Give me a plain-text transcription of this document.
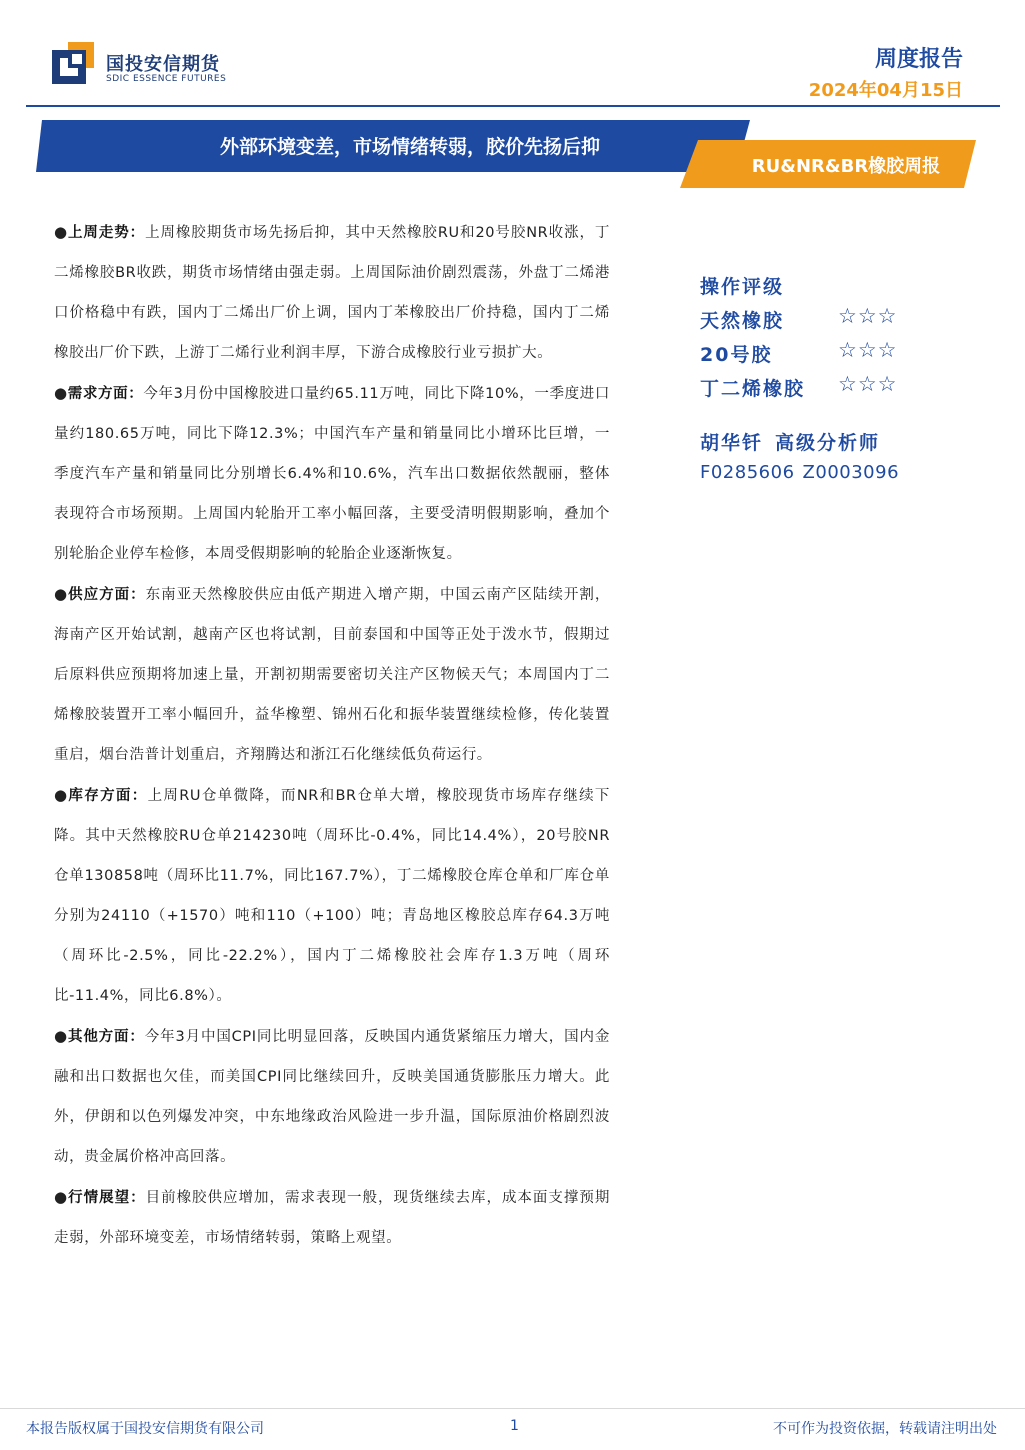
国投安信期货
SDIC ESSENCE FUTURES
周度报告
2024年04月15日
外部环境变差，市场情绪转弱，胶价先扬后抑
RU&NR&BR橡胶周报

●上周走势：上周橡胶期货市场先扬后抑，其中天然橡胶RU和20号胶NR收涨，丁二烯橡胶BR收跌，期货市场情绪由强走弱。上周国际油价剧烈震荡，外盘丁二烯港口价格稳中有跌，国内丁二烯出厂价上调，国内丁苯橡胶出厂价持稳，国内丁二烯橡胶出厂价下跌，上游丁二烯行业利润丰厚，下游合成橡胶行业亏损扩大。

●需求方面：今年3月份中国橡胶进口量约65.11万吨，同比下降10%，一季度进口量约180.65万吨，同比下降12.3%；中国汽车产量和销量同比小增环比巨增，一季度汽车产量和销量同比分别增长6.4%和10.6%，汽车出口数据依然靓丽，整体表现符合市场预期。上周国内轮胎开工率小幅回落，主要受清明假期影响，叠加个别轮胎企业停车检修，本周受假期影响的轮胎企业逐渐恢复。

●供应方面：东南亚天然橡胶供应由低产期进入增产期，中国云南产区陆续开割，海南产区开始试割，越南产区也将试割，目前泰国和中国等正处于泼水节，假期过后原料供应预期将加速上量，开割初期需要密切关注产区物候天气；本周国内丁二烯橡胶装置开工率小幅回升，益华橡塑、锦州石化和振华装置继续检修，传化装置重启，烟台浩普计划重启，齐翔腾达和浙江石化继续低负荷运行。

●库存方面：上周RU仓单微降，而NR和BR仓单大增，橡胶现货市场库存继续下降。其中天然橡胶RU仓单214230吨（周环比-0.4%，同比14.4%），20号胶NR仓单130858吨（周环比11.7%，同比167.7%），丁二烯橡胶仓库仓单和厂库仓单分别为24110（+1570）吨和110（+100）吨；青岛地区橡胶总库存64.3万吨（周环比-2.5%，同比-22.2%），国内丁二烯橡胶社会库存1.3万吨（周环比-11.4%，同比6.8%）。

●其他方面：今年3月中国CPI同比明显回落，反映国内通货紧缩压力增大，国内金融和出口数据也欠佳，而美国CPI同比继续回升，反映美国通货膨胀压力增大。此外，伊朗和以色列爆发冲突，中东地缘政治风险进一步升温，国际原油价格剧烈波动，贵金属价格冲高回落。

●行情展望：目前橡胶供应增加，需求表现一般，现货继续去库，成本面支撑预期走弱，外部环境变差，市场情绪转弱，策略上观望。

操作评级
天然橡胶	☆☆☆
20号胶	☆☆☆
丁二烯橡胶 ☆☆☆
胡华钎 高级分析师
F0285606 Z0003096
本报告版权属于国投安信期货有限公司	1	不可作为投资依据，转载请注明出处
